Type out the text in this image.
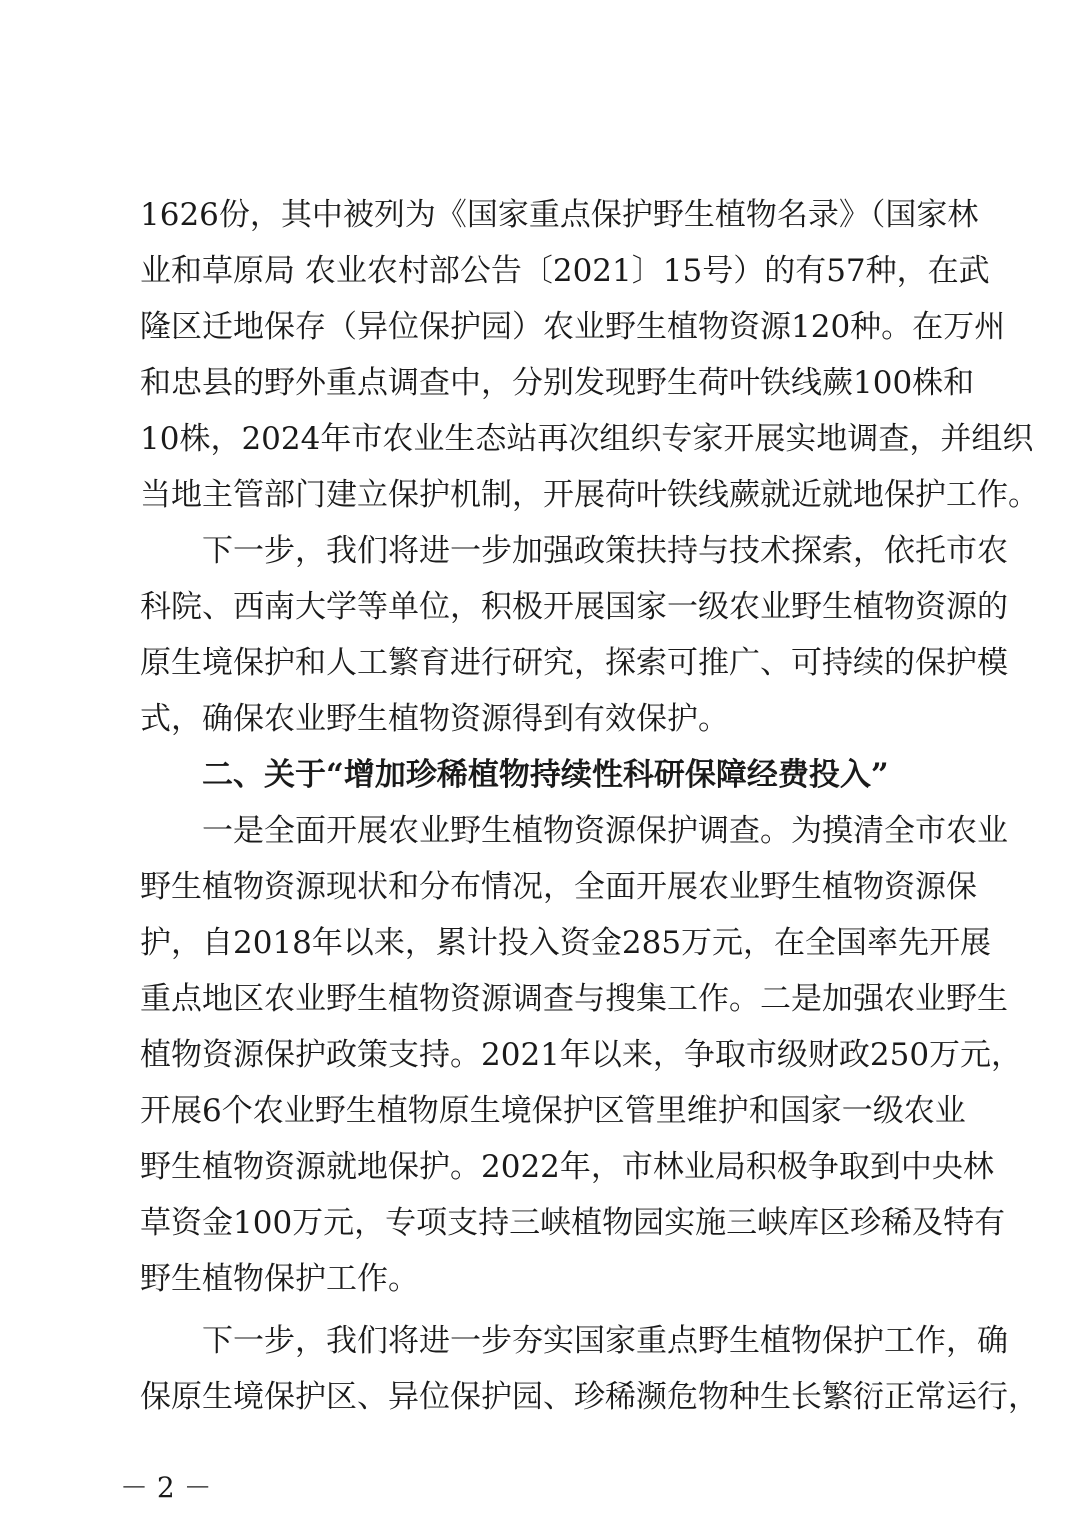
1626份，其中被列为《国家重点保护野生植物名录》（国家林
业和草原局 农业农村部公告〔2021〕15号）的有57种，在武
隆区迁地保存（异位保护园）农业野生植物资源120种。在万州
和忠县的野外重点调查中，分别发现野生荷叶铁线蕨100株和
10株，2024年市农业生态站再次组织专家开展实地调查，并组织
当地主管部门建立保护机制，开展荷叶铁线蕨就近就地保护工作。
下一步，我们将进一步加强政策扶持与技术探索，依托市农
科院、西南大学等单位，积极开展国家一级农业野生植物资源的
原生境保护和人工繁育进行研究，探索可推广、可持续的保护模
式，确保农业野生植物资源得到有效保护。
二、关于“增加珍稀植物持续性科研保障经费投入”
一是全面开展农业野生植物资源保护调查。为摸清全市农业
野生植物资源现状和分布情况，全面开展农业野生植物资源保
护，自2018年以来，累计投入资金285万元，在全国率先开展
重点地区农业野生植物资源调查与搜集工作。二是加强农业野生
植物资源保护政策支持。2021年以来，争取市级财政250万元，
开展6个农业野生植物原生境保护区管里维护和国家一级农业
野生植物资源就地保护。2022年，市林业局积极争取到中央林
草资金100万元，专项支持三峡植物园实施三峡库区珍稀及特有
野生植物保护工作。
下一步，我们将进一步夯实国家重点野生植物保护工作，确
保原生境保护区、异位保护园、珍稀濒危物种生长繁衍正常运行，
－ 2 －
